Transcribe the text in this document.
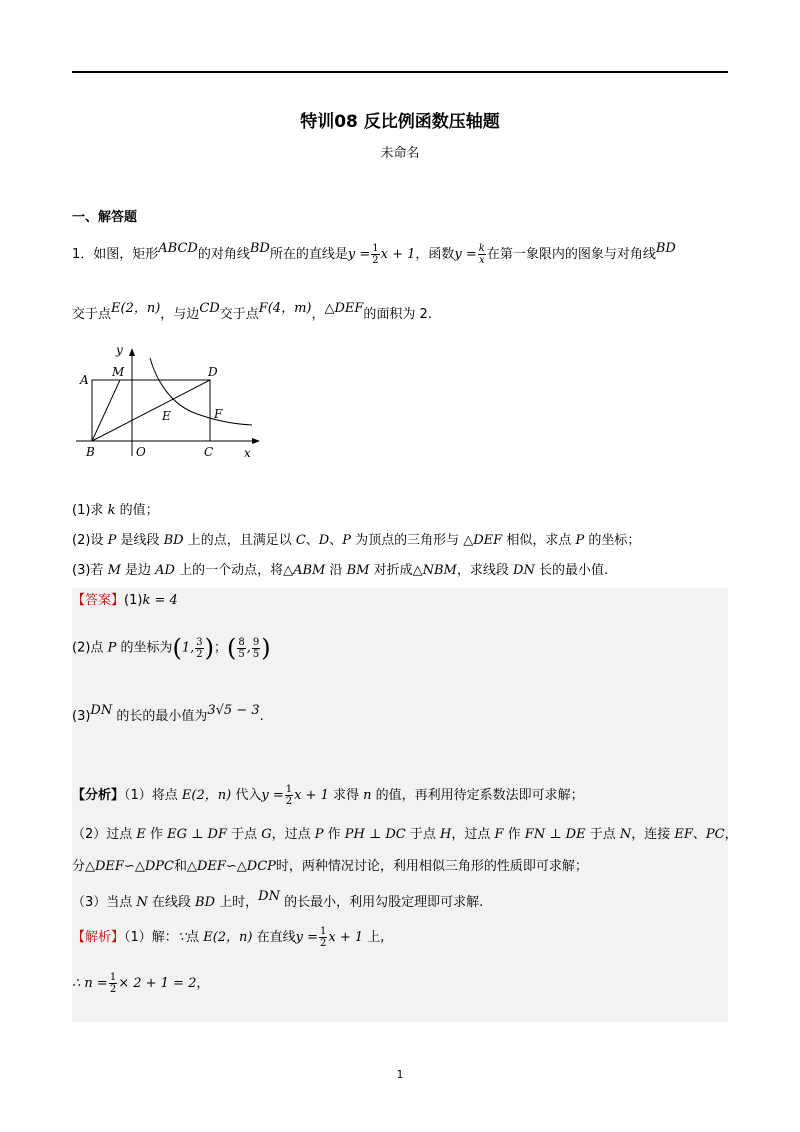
特训08 反比例函数压轴题
未命名
一、解答题
1．如图，矩形ABCD的对角线BD所在的直线是$y = \frac{1}{2}$ x + 1，函数$y = \frac{k}{x}$ 在第一象限内的图象与对角线BD
交于点E(2，n)，与边CD交于点F(4，m)，△DEF的面积为 2.
y
A
M	D
E	F
B	O	C	x
(1)求 k 的值；
(2)设 P 是线段 BD 上的点，且满足以 C、D、P 为顶点的三角形与 △DEF 相似，求点 P 的坐标；
(3)若 M 是边 AD 上的一个动点，将△ABM 沿 BM 对折成△NBM，求线段 DN 长的最小值.
【答案】(1)k = 4
(2)点 P 的坐标为(1, $\frac{3}{2}$ )；( $\frac{8}{5}$ , $\frac{9}{5}$ )
(3)DN 的长的最小值为3√5 − 3.
【分析】（1）将点 E(2，n) 代入$y = \frac{1}{2}$ x + 1 求得 n 的值，再利用待定系数法即可求解；
（2）过点 E 作 EG ⊥ DF 于点 G，过点 P 作 PH ⊥ DC 于点 H，过点 F 作 FN ⊥ DE 于点 N，连接 EF、PC，
分△DEF∽△DPC和△DEF∽△DCP时，两种情况讨论，利用相似三角形的性质即可求解；
（3）当点 N 在线段 BD 上时，DN 的长最小，利用勾股定理即可求解.
【解析】（1）解：∵点 E(2，n) 在直线$y = \frac{1}{2}$ x + 1 上,
∴ $n = \frac{1}{2} \times 2 + 1 = 2$，
1
